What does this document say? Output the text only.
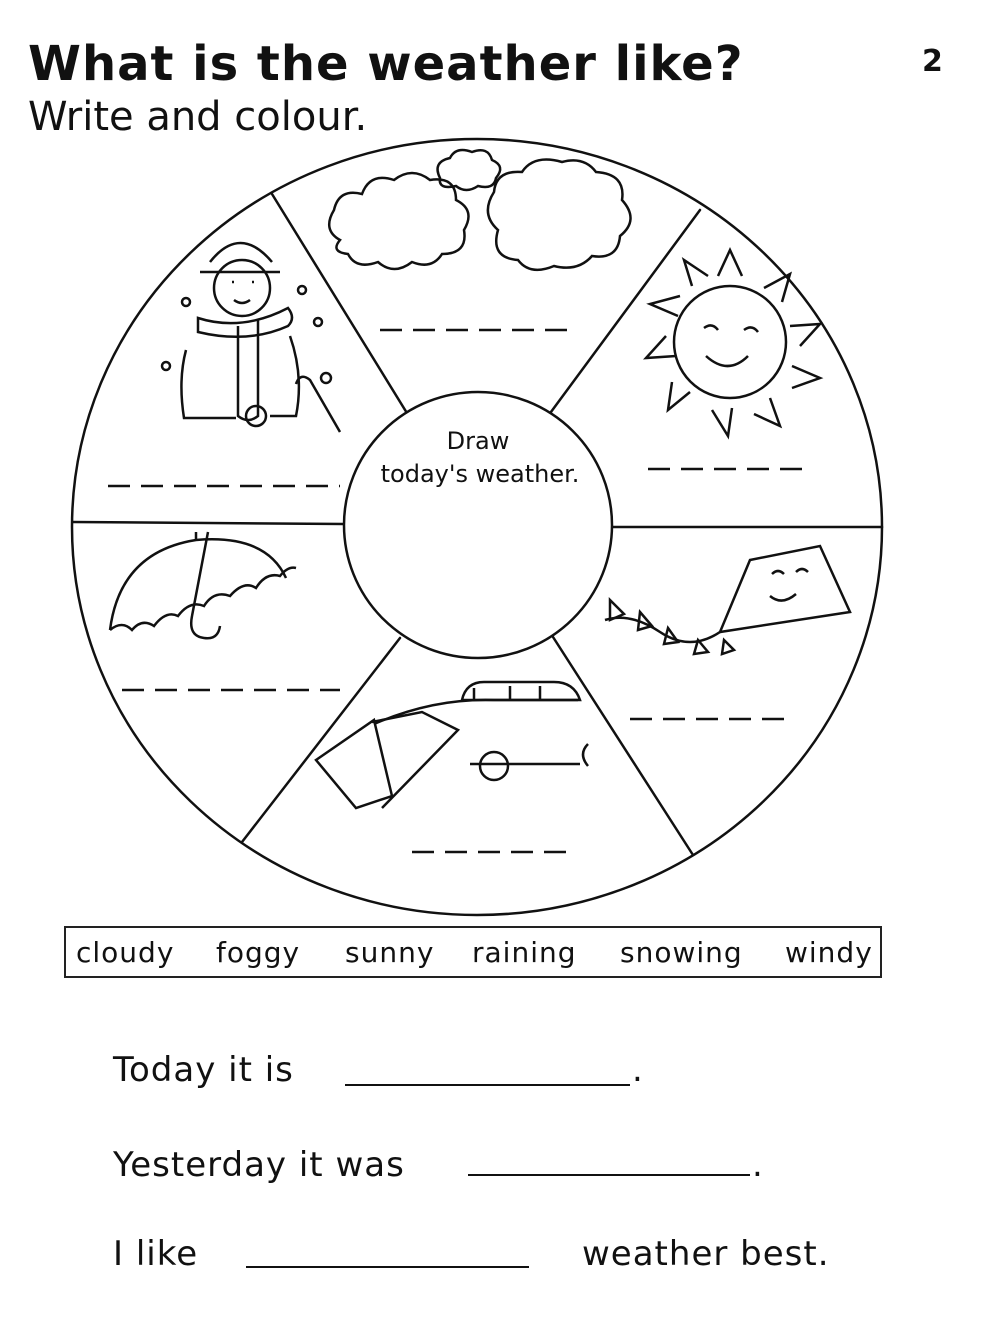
What is the weather like?
Write and colour.
2
Draw
today's weather.
cloudy foggy sunny raining snowing windy
Today it is	.
Yesterday it was	.
I like	weather best.
